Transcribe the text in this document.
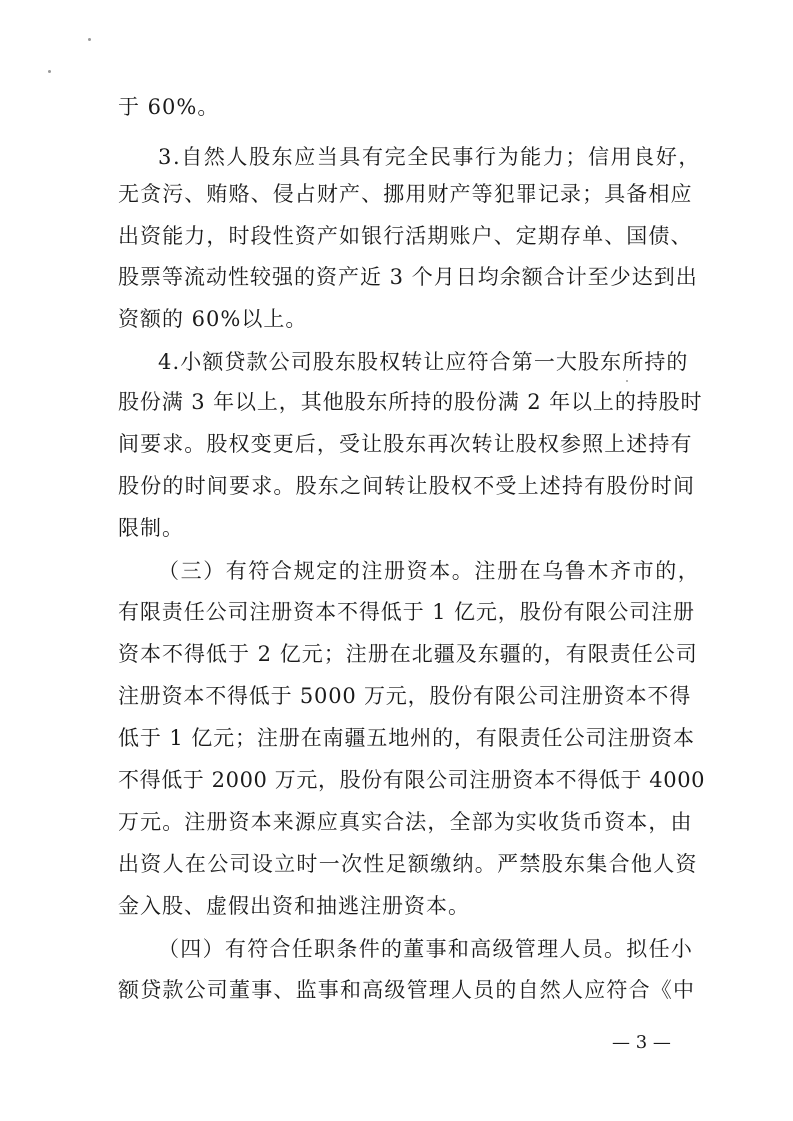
于 60%。
3.自然人股东应当具有完全民事行为能力；信用良好，
无贪污、贿赂、侵占财产、挪用财产等犯罪记录；具备相应
出资能力，时段性资产如银行活期账户、定期存单、国债、
股票等流动性较强的资产近 3 个月日均余额合计至少达到出
资额的 60%以上。
4.小额贷款公司股东股权转让应符合第一大股东所持的
股份满 3 年以上，其他股东所持的股份满 2 年以上的持股时
间要求。股权变更后，受让股东再次转让股权参照上述持有
股份的时间要求。股东之间转让股权不受上述持有股份时间
限制。
（三）有符合规定的注册资本。注册在乌鲁木齐市的，
有限责任公司注册资本不得低于 1 亿元，股份有限公司注册
资本不得低于 2 亿元；注册在北疆及东疆的，有限责任公司
注册资本不得低于 5000 万元，股份有限公司注册资本不得
低于 1 亿元；注册在南疆五地州的，有限责任公司注册资本
不得低于 2000 万元，股份有限公司注册资本不得低于 4000
万元。注册资本来源应真实合法，全部为实收货币资本，由
出资人在公司设立时一次性足额缴纳。严禁股东集合他人资
金入股、虚假出资和抽逃注册资本。
（四）有符合任职条件的董事和高级管理人员。拟任小
额贷款公司董事、监事和高级管理人员的自然人应符合《中
— 3 —
